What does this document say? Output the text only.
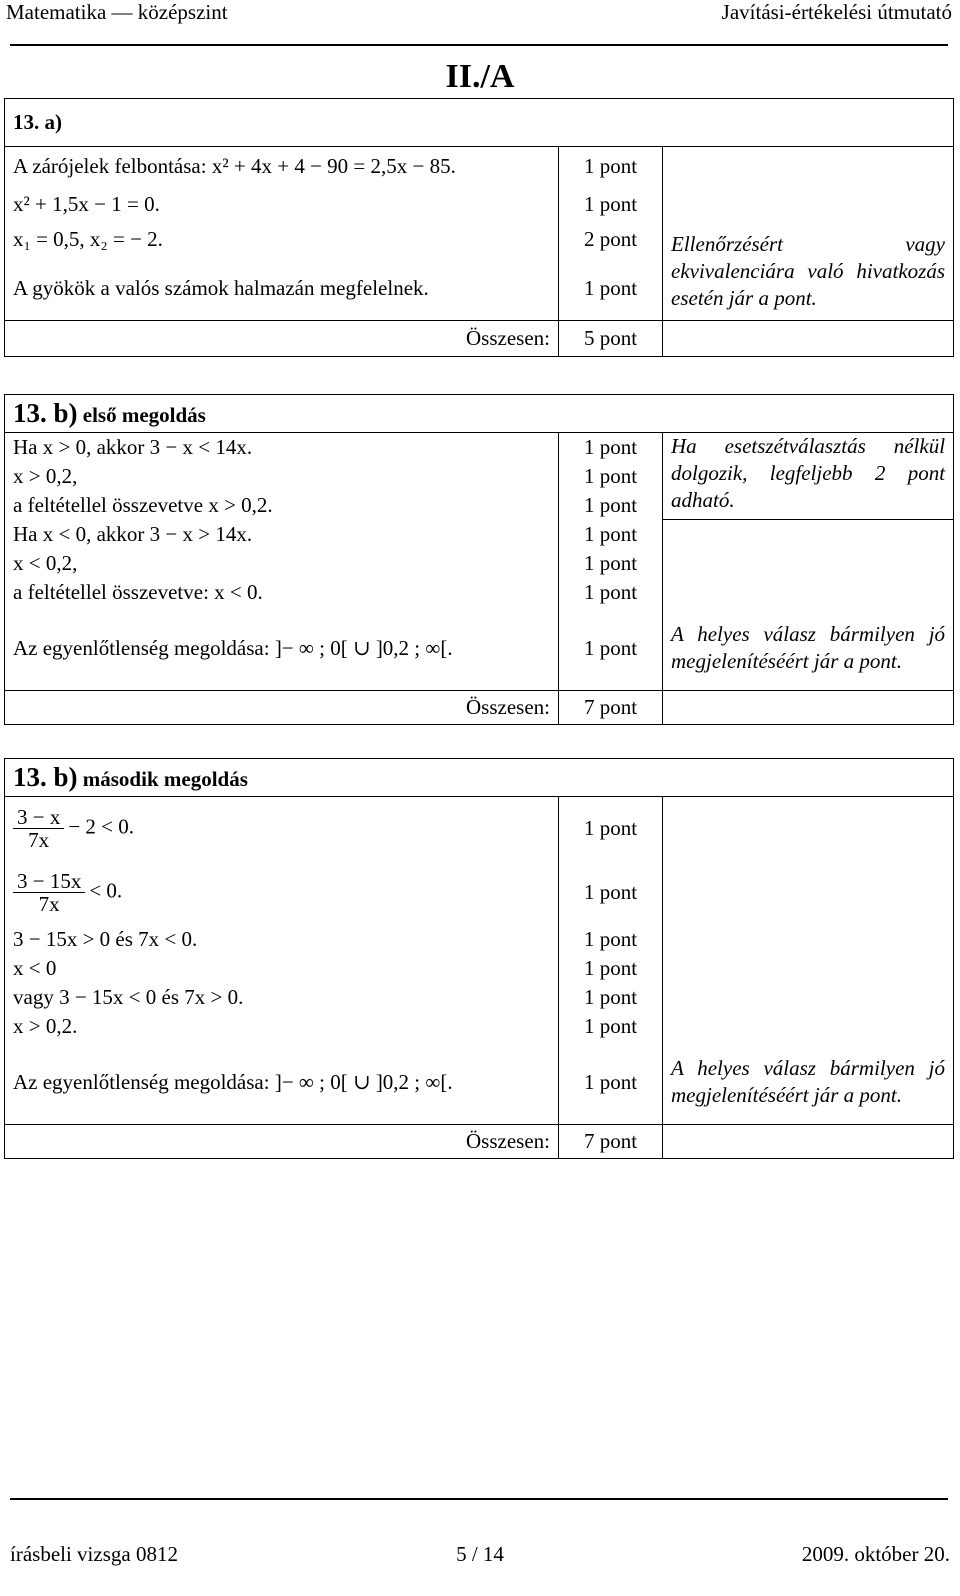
Matematika — középszint	Javítási-értékelési útmutató
II./A
13. a)		
A zárójelek felbontása: x² + 4x + 4 − 90 = 2,5x − 85.	1 pont	
x² + 1,5x − 1 = 0.	1 pont	
x₁ = 0,5, x₂ = − 2.	2 pont	Ellenőrzésért vagy ekvivalenciára való hivatkozás esetén jár a pont.
A gyökök a valós számok halmazán megfelelnek.	1 pont	
Összesen:	5 pont	
13. b) első megoldás		
Ha x > 0, akkor 3 − x < 14x.	1 pont	Ha esetszétválasztás nélkül dolgozik, legfeljebb 2 pont adható.
x > 0,2,	1 pont	
a feltétellel összevetve x > 0,2.	1 pont	
Ha x < 0, akkor 3 − x > 14x.	1 pont	
x < 0,2,	1 pont	
a feltétellel összevetve: x < 0.	1 pont	
Az egyenlőtlenség megoldása: ]− ∞ ; 0[ ∪ ]0,2 ; ∞[.	1 pont	A helyes válasz bármilyen jó megjelenítéséért jár a pont.
Összesen:	7 pont	
13. b) második megoldás		

$\frac{3 - x}{7x} - 2 < 0$.	1 pont	

$\frac{3 - 15x}{7x} < 0$.	1 pont	
3 − 15x > 0 és 7x < 0.	1 pont	
x < 0	1 pont	
vagy 3 − 15x < 0 és 7x > 0.	1 pont	
x > 0,2.	1 pont	
Az egyenlőtlenség megoldása: ]− ∞ ; 0[ ∪ ]0,2 ; ∞[.	1 pont	A helyes válasz bármilyen jó megjelenítéséért jár a pont.
Összesen:	7 pont	
írásbeli vizsga 0812	5 / 14	2009. október 20.
